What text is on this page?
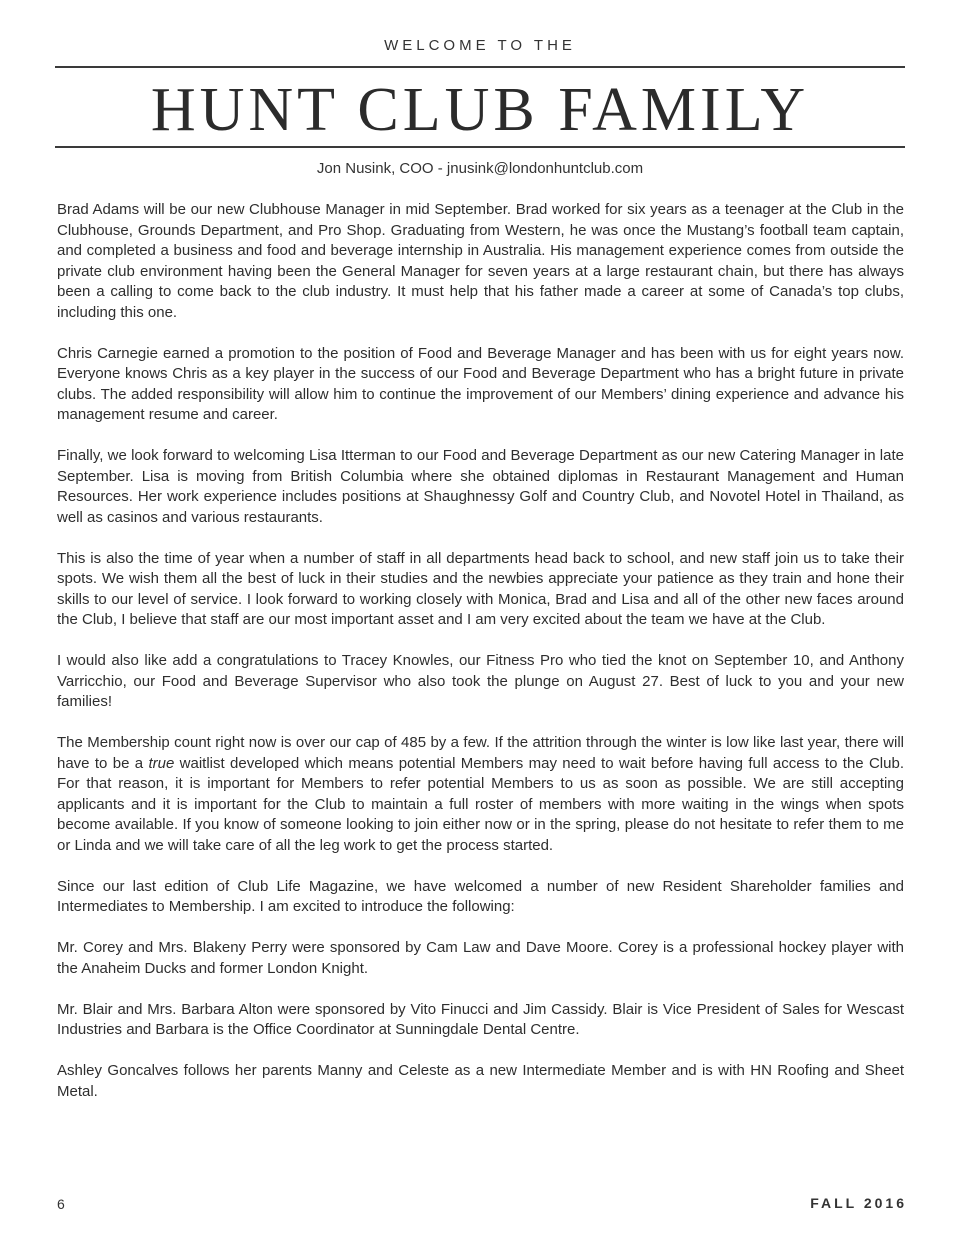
WELCOME TO THE
HUNT CLUB FAMILY
Jon Nusink, COO - jnusink@londonhuntclub.com

Brad Adams will be our new Clubhouse Manager in mid September. Brad worked for six years as a teenager at the Club in the Clubhouse, Grounds Department, and Pro Shop. Graduating from Western, he was once the Mustang’s football team captain, and completed a business and food and beverage internship in Australia. His management experience comes from outside the private club environment having been the General Manager for seven years at a large restaurant chain, but there has always been a calling to come back to the club industry. It must help that his father made a career at some of Canada’s top clubs, including this one.

Chris Carnegie earned a promotion to the position of Food and Beverage Manager and has been with us for eight years now. Everyone knows Chris as a key player in the success of our Food and Beverage Department who has a bright future in private clubs. The added responsibility will allow him to continue the improvement of our Members’ dining experience and advance his management resume and career.

Finally, we look forward to welcoming Lisa Itterman to our Food and Beverage Department as our new Catering Manager in late September. Lisa is moving from British Columbia where she obtained diplomas in Restaurant Management and Human Resources. Her work experience includes positions at Shaughnessy Golf and Country Club, and Novotel Hotel in Thailand, as well as casinos and various restaurants.

This is also the time of year when a number of staff in all departments head back to school, and new staff join us to take their spots. We wish them all the best of luck in their studies and the newbies appreciate your patience as they train and hone their skills to our level of service. I look forward to working closely with Monica, Brad and Lisa and all of the other new faces around the Club, I believe that staff are our most important asset and I am very excited about the team we have at the Club.

I would also like add a congratulations to Tracey Knowles, our Fitness Pro who tied the knot on September 10, and Anthony Varricchio, our Food and Beverage Supervisor who also took the plunge on August 27. Best of luck to you and your new families!

The Membership count right now is over our cap of 485 by a few. If the attrition through the winter is low like last year, there will have to be a true waitlist developed which means potential Members may need to wait before having full access to the Club. For that reason, it is important for Members to refer potential Members to us as soon as possible. We are still accepting applicants and it is important for the Club to maintain a full roster of members with more waiting in the wings when spots become available. If you know of someone looking to join either now or in the spring, please do not hesitate to refer them to me or Linda and we will take care of all the leg work to get the process started.

Since our last edition of Club Life Magazine, we have welcomed a number of new Resident Shareholder families and Intermediates to Membership. I am excited to introduce the following:

Mr. Corey and Mrs. Blakeny Perry were sponsored by Cam Law and Dave Moore. Corey is a professional hockey player with the Anaheim Ducks and former London Knight.

Mr. Blair and Mrs. Barbara Alton were sponsored by Vito Finucci and Jim Cassidy. Blair is Vice President of Sales for Wescast Industries and Barbara is the Office Coordinator at Sunningdale Dental Centre.

Ashley Goncalves follows her parents Manny and Celeste as a new Intermediate Member and is with HN Roofing and Sheet Metal.

6	FALL 2016
